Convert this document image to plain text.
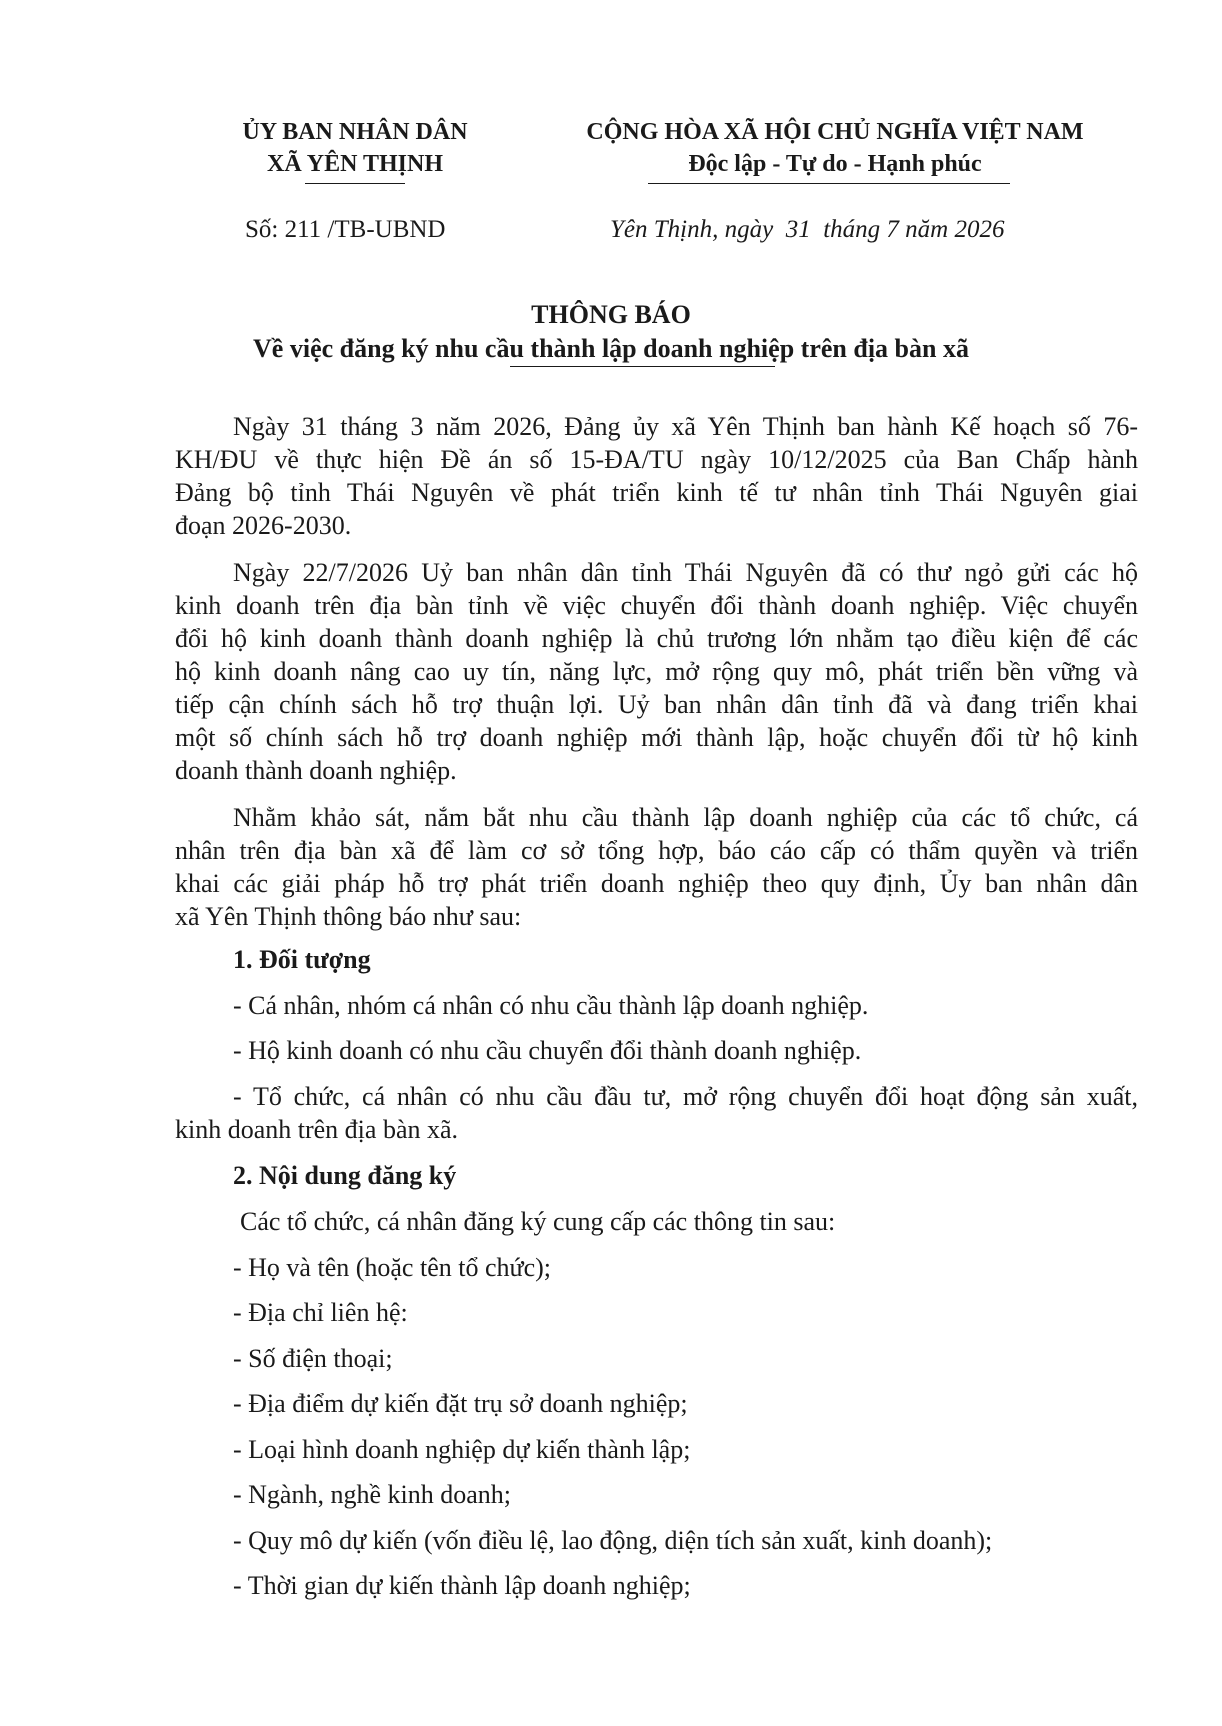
ỦY BAN NHÂN DÂN
XÃ YÊN THỊNH
CỘNG HÒA XÃ HỘI CHỦ NGHĨA VIỆT NAM
Độc lập - Tự do - Hạnh phúc
Số: 211 /TB-UBND	Yên Thịnh, ngày  31  tháng 7 năm 2026
THÔNG BÁO
Về việc đăng ký nhu cầu thành lập doanh nghiệp trên địa bàn xã
Ngày 31 tháng 3 năm 2026, Đảng ủy xã Yên Thịnh ban hành Kế hoạch số 76-
KH/ĐU về thực hiện Đề án số 15-ĐA/TU ngày 10/12/2025 của Ban Chấp hành
Đảng bộ tỉnh Thái Nguyên về phát triển kinh tế tư nhân tỉnh Thái Nguyên giai
đoạn 2026-2030.
Ngày 22/7/2026 Uỷ ban nhân dân tỉnh Thái Nguyên đã có thư ngỏ gửi các hộ
kinh doanh trên địa bàn tỉnh về việc chuyển đổi thành doanh nghiệp. Việc chuyển
đổi hộ kinh doanh thành doanh nghiệp là chủ trương lớn nhằm tạo điều kiện để các
hộ kinh doanh nâng cao uy tín, năng lực, mở rộng quy mô, phát triển bền vững và
tiếp cận chính sách hỗ trợ thuận lợi. Uỷ ban nhân dân tỉnh đã và đang triển khai
một số chính sách hỗ trợ doanh nghiệp mới thành lập, hoặc chuyển đổi từ hộ kinh
doanh thành doanh nghiệp.
Nhằm khảo sát, nắm bắt nhu cầu thành lập doanh nghiệp của các tổ chức, cá
nhân trên địa bàn xã để làm cơ sở tổng hợp, báo cáo cấp có thẩm quyền và triển
khai các giải pháp hỗ trợ phát triển doanh nghiệp theo quy định, Ủy ban nhân dân
xã Yên Thịnh thông báo như sau:
1. Đối tượng
- Cá nhân, nhóm cá nhân có nhu cầu thành lập doanh nghiệp.
- Hộ kinh doanh có nhu cầu chuyển đổi thành doanh nghiệp.
- Tổ chức, cá nhân có nhu cầu đầu tư, mở rộng chuyển đổi hoạt động sản xuất,
kinh doanh trên địa bàn xã.
2. Nội dung đăng ký
Các tổ chức, cá nhân đăng ký cung cấp các thông tin sau:
- Họ và tên (hoặc tên tổ chức);
- Địa chỉ liên hệ:
- Số điện thoại;
- Địa điểm dự kiến đặt trụ sở doanh nghiệp;
- Loại hình doanh nghiệp dự kiến thành lập;
- Ngành, nghề kinh doanh;
- Quy mô dự kiến (vốn điều lệ, lao động, diện tích sản xuất, kinh doanh);
- Thời gian dự kiến thành lập doanh nghiệp;
